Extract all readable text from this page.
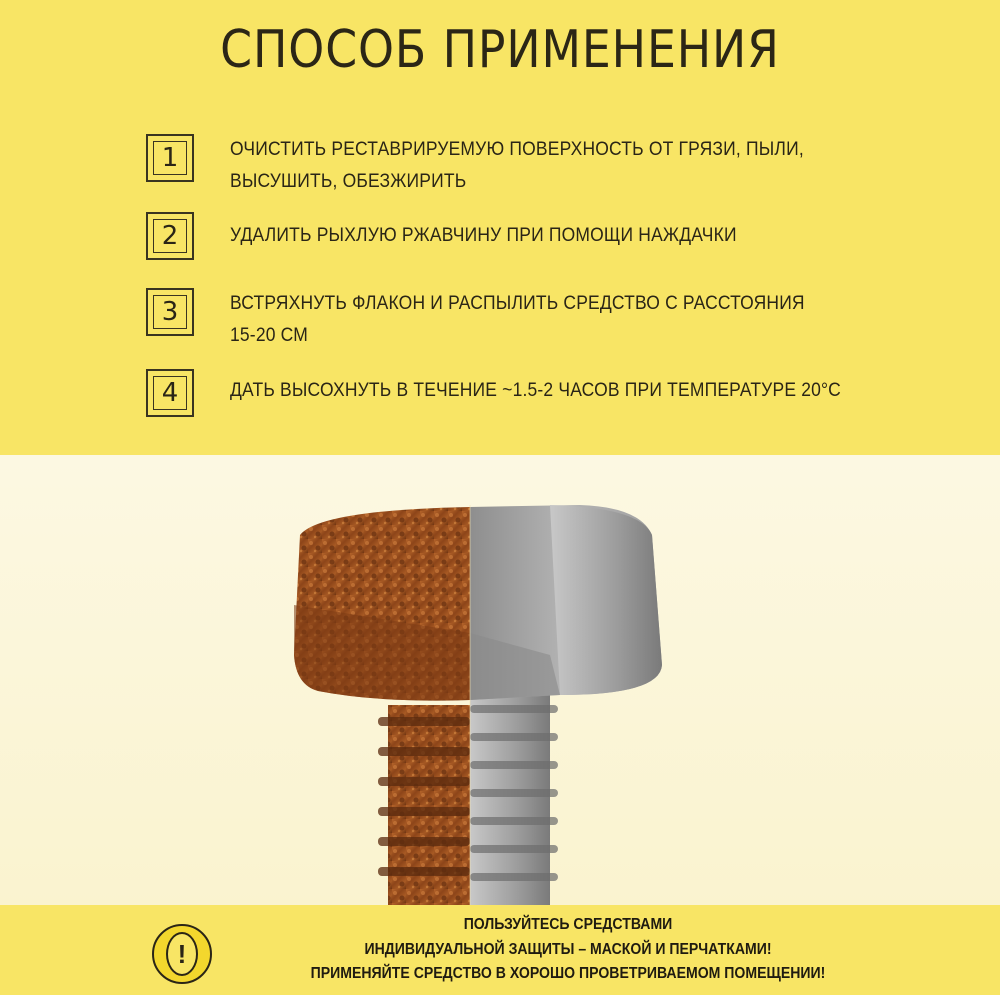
СПОСОБ ПРИМЕНЕНИЯ
1	ОЧИСТИТЬ РЕСТАВРИРУЕМУЮ ПОВЕРХНОСТЬ ОТ ГРЯЗИ, ПЫЛИ, ВЫСУШИТЬ, ОБЕЗЖИРИТЬ
2	УДАЛИТЬ РЫХЛУЮ РЖАВЧИНУ ПРИ ПОМОЩИ НАЖДАЧКИ
3	ВСТРЯХНУТЬ ФЛАКОН И РАСПЫЛИТЬ СРЕДСТВО С РАССТОЯНИЯ 15-20 СМ
4	ДАТЬ ВЫСОХНУТЬ В ТЕЧЕНИЕ ~1.5-2 ЧАСОВ ПРИ ТЕМПЕРАТУРЕ 20°C
!
ПОЛЬЗУЙТЕСЬ СРЕДСТВАМИ
ИНДИВИДУАЛЬНОЙ ЗАЩИТЫ – МАСКОЙ И ПЕРЧАТКАМИ!
ПРИМЕНЯЙТЕ СРЕДСТВО В ХОРОШО ПРОВЕТРИВАЕМОМ ПОМЕЩЕНИИ!
